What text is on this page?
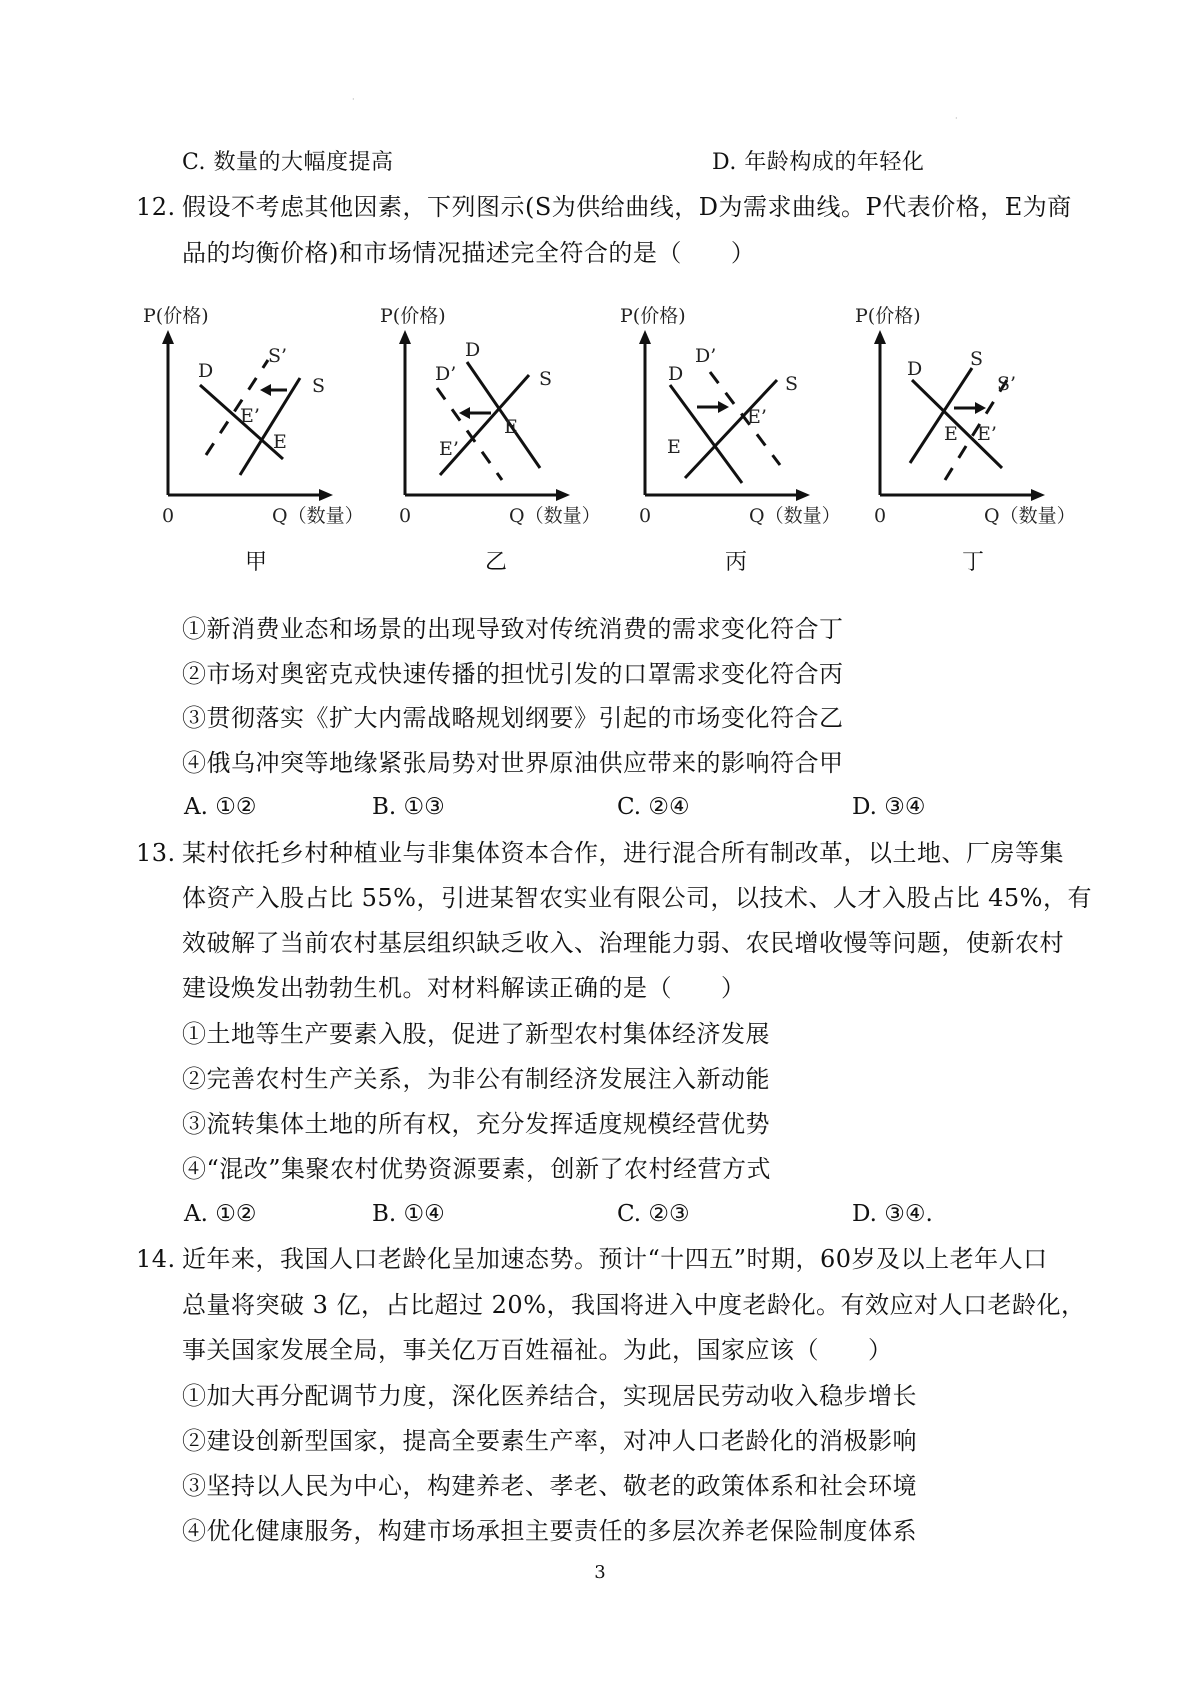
·
·
C. 数量的大幅度提高	D. 年龄构成的年轻化
12. 假设不考虑其他因素，下列图示(S为供给曲线，D为需求曲线。P代表价格，E为商
品的均衡价格)和市场情况描述完全符合的是（　　）
P(价格)
0	Q（数量）
D
S
S’
E’
E
甲
P(价格)
0	Q（数量）
D
D’	S
E
E’
乙
P(价格)
0	Q（数量）
D
D’
S
E’
E
丙
P(价格)
0	Q（数量）
D	S
S’
E E’
丁
①新消费业态和场景的出现导致对传统消费的需求变化符合丁
②市场对奥密克戎快速传播的担忧引发的口罩需求变化符合丙
③贯彻落实《扩大内需战略规划纲要》引起的市场变化符合乙
④俄乌冲突等地缘紧张局势对世界原油供应带来的影响符合甲
A. ①②	B. ①③	C. ②④	D. ③④
13. 某村依托乡村种植业与非集体资本合作，进行混合所有制改革，以土地、厂房等集
体资产入股占比 55%，引进某智农实业有限公司，以技术、人才入股占比 45%，有
效破解了当前农村基层组织缺乏收入、治理能力弱、农民增收慢等问题，使新农村
建设焕发出勃勃生机。对材料解读正确的是（　　）
①土地等生产要素入股，促进了新型农村集体经济发展
②完善农村生产关系，为非公有制经济发展注入新动能
③流转集体土地的所有权，充分发挥适度规模经营优势
④“混改”集聚农村优势资源要素，创新了农村经营方式
A. ①②	B. ①④	C. ②③	D. ③④.
14. 近年来，我国人口老龄化呈加速态势。预计“十四五”时期，60岁及以上老年人口
总量将突破 3 亿，占比超过 20%，我国将进入中度老龄化。有效应对人口老龄化，
事关国家发展全局，事关亿万百姓福祉。为此，国家应该（　　）
①加大再分配调节力度，深化医养结合，实现居民劳动收入稳步增长
②建设创新型国家，提高全要素生产率，对冲人口老龄化的消极影响
③坚持以人民为中心，构建养老、孝老、敬老的政策体系和社会环境
④优化健康服务，构建市场承担主要责任的多层次养老保险制度体系
3
